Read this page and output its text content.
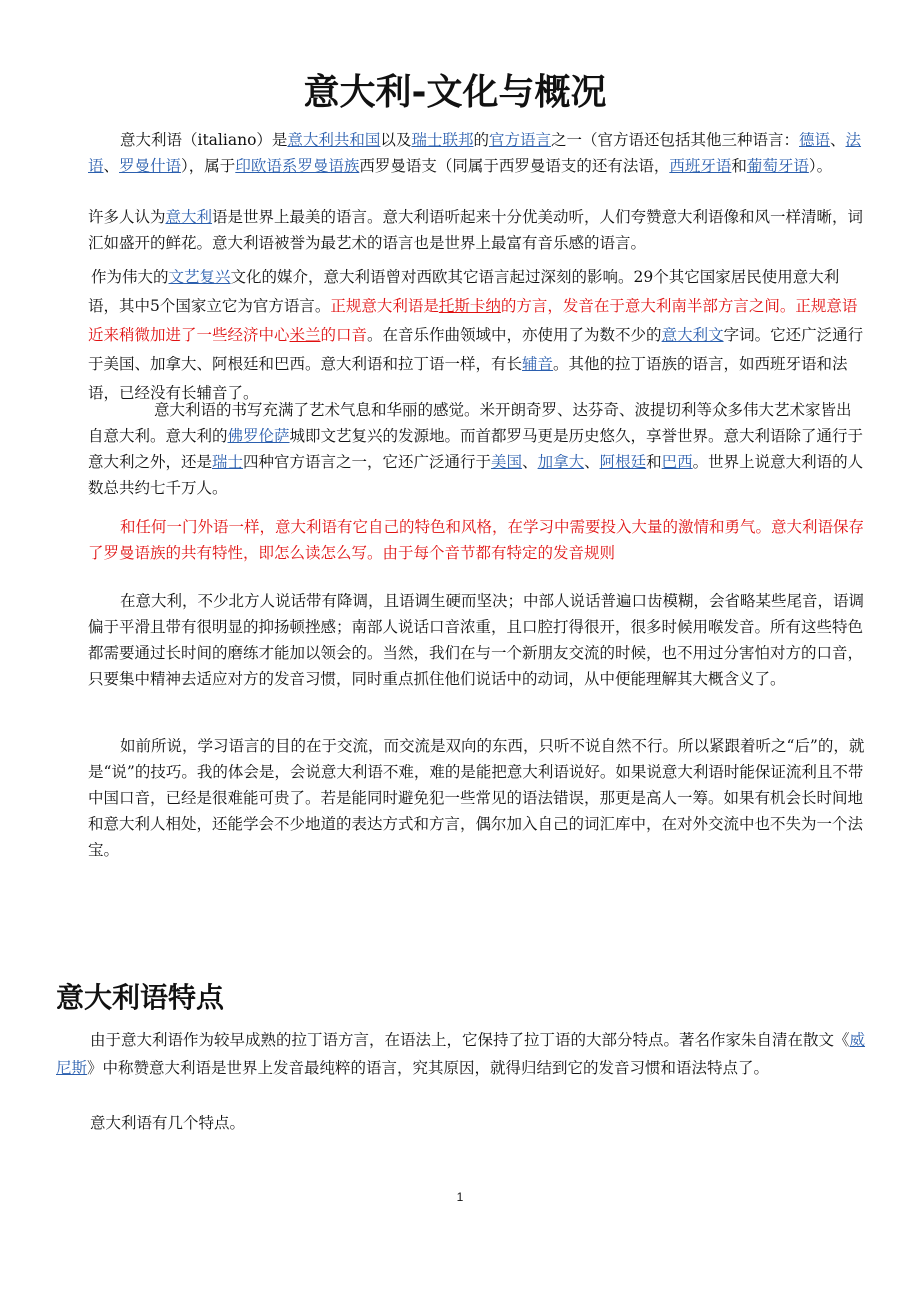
意大利-文化与概况

意大利语（italiano）是意大利共和国以及瑞士联邦的官方语言之一（官方语还包括其他三种语言：德语、法语、罗曼什语），属于印欧语系罗曼语族西罗曼语支（同属于西罗曼语支的还有法语，西班牙语和葡萄牙语）。

许多人认为意大利语是世界上最美的语言。意大利语听起来十分优美动听，人们夸赞意大利语像和风一样清晰，词汇如盛开的鲜花。意大利语被誉为最艺术的语言也是世界上最富有音乐感的语言。

作为伟大的文艺复兴文化的媒介，意大利语曾对西欧其它语言起过深刻的影响。29个其它国家居民使用意大利语，其中5个国家立它为官方语言。正规意大利语是托斯卡纳的方言，发音在于意大利南半部方言之间。正规意语近来稍微加进了一些经济中心米兰的口音。在音乐作曲领域中，亦使用了为数不少的意大利文字词。它还广泛通行于美国、加拿大、阿根廷和巴西。意大利语和拉丁语一样，有长辅音。其他的拉丁语族的语言，如西班牙语和法语，已经没有长辅音了。

意大利语的书写充满了艺术气息和华丽的感觉。米开朗奇罗、达芬奇、波提切利等众多伟大艺术家皆出自意大利。意大利的佛罗伦萨城即文艺复兴的发源地。而首都罗马更是历史悠久，享誉世界。意大利语除了通行于意大利之外，还是瑞士四种官方语言之一，它还广泛通行于美国、加拿大、阿根廷和巴西。世界上说意大利语的人数总共约七千万人。

和任何一门外语一样，意大利语有它自己的特色和风格，在学习中需要投入大量的激情和勇气。意大利语保存了罗曼语族的共有特性，即怎么读怎么写。由于每个音节都有特定的发音规则

在意大利，不少北方人说话带有降调，且语调生硬而坚决；中部人说话普遍口齿模糊，会省略某些尾音，语调偏于平滑且带有很明显的抑扬顿挫感；南部人说话口音浓重，且口腔打得很开，很多时候用喉发音。所有这些特色都需要通过长时间的磨练才能加以领会的。当然，我们在与一个新朋友交流的时候，也不用过分害怕对方的口音，只要集中精神去适应对方的发音习惯，同时重点抓住他们说话中的动词，从中便能理解其大概含义了。

如前所说，学习语言的目的在于交流，而交流是双向的东西，只听不说自然不行。所以紧跟着听之“后”的，就是“说”的技巧。我的体会是，会说意大利语不难，难的是能把意大利语说好。如果说意大利语时能保证流利且不带中国口音，已经是很难能可贵了。若是能同时避免犯一些常见的语法错误，那更是高人一筹。如果有机会长时间地和意大利人相处，还能学会不少地道的表达方式和方言，偶尔加入自己的词汇库中，在对外交流中也不失为一个法宝。

意大利语特点

由于意大利语作为较早成熟的拉丁语方言，在语法上，它保持了拉丁语的大部分特点。著名作家朱自清在散文《威尼斯》中称赞意大利语是世界上发音最纯粹的语言，究其原因，就得归结到它的发音习惯和语法特点了。

意大利语有几个特点。

1
